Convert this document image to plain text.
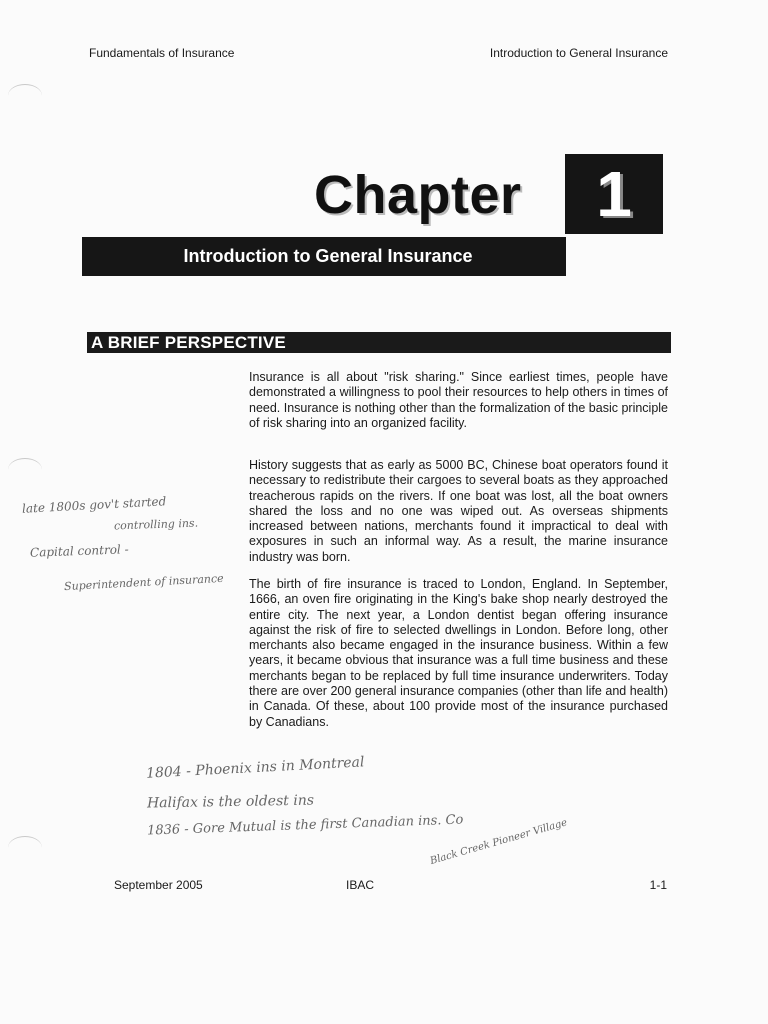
Fundamentals of Insurance	Introduction to General Insurance
Chapter 1
Introduction to General Insurance
A BRIEF PERSPECTIVE

Insurance is all about "risk sharing." Since earliest times, people have demonstrated a willingness to pool their resources to help others in times of need. Insurance is nothing other than the formalization of the basic principle of risk sharing into an organized facility.

History suggests that as early as 5000 BC, Chinese boat operators found it necessary to redistribute their cargoes to several boats as they approached treacherous rapids on the rivers. If one boat was lost, all the boat owners shared the loss and no one was wiped out. As overseas shipments increased between nations, merchants found it impractical to deal with exposures in such an informal way. As a result, the marine insurance industry was born.

The birth of fire insurance is traced to London, England. In September, 1666, an oven fire originating in the King's bake shop nearly destroyed the entire city. The next year, a London dentist began offering insurance against the risk of fire to selected dwellings in London. Before long, other merchants also became engaged in the insurance business. Within a few years, it became obvious that insurance was a full time business and these merchants began to be replaced by full time insurance underwriters. Today there are over 200 general insurance companies (other than life and health) in Canada. Of these, about 100 provide most of the insurance purchased by Canadians.

late 1800s gov't started
controlling ins.
Capital control -
Superintendent of insurance
1804 - Phoenix ins in Montreal
Halifax is the oldest ins
1836 - Gore Mutual is the first Canadian ins. Co
Black Creek Pioneer Village
September 2005	IBAC	1-1
